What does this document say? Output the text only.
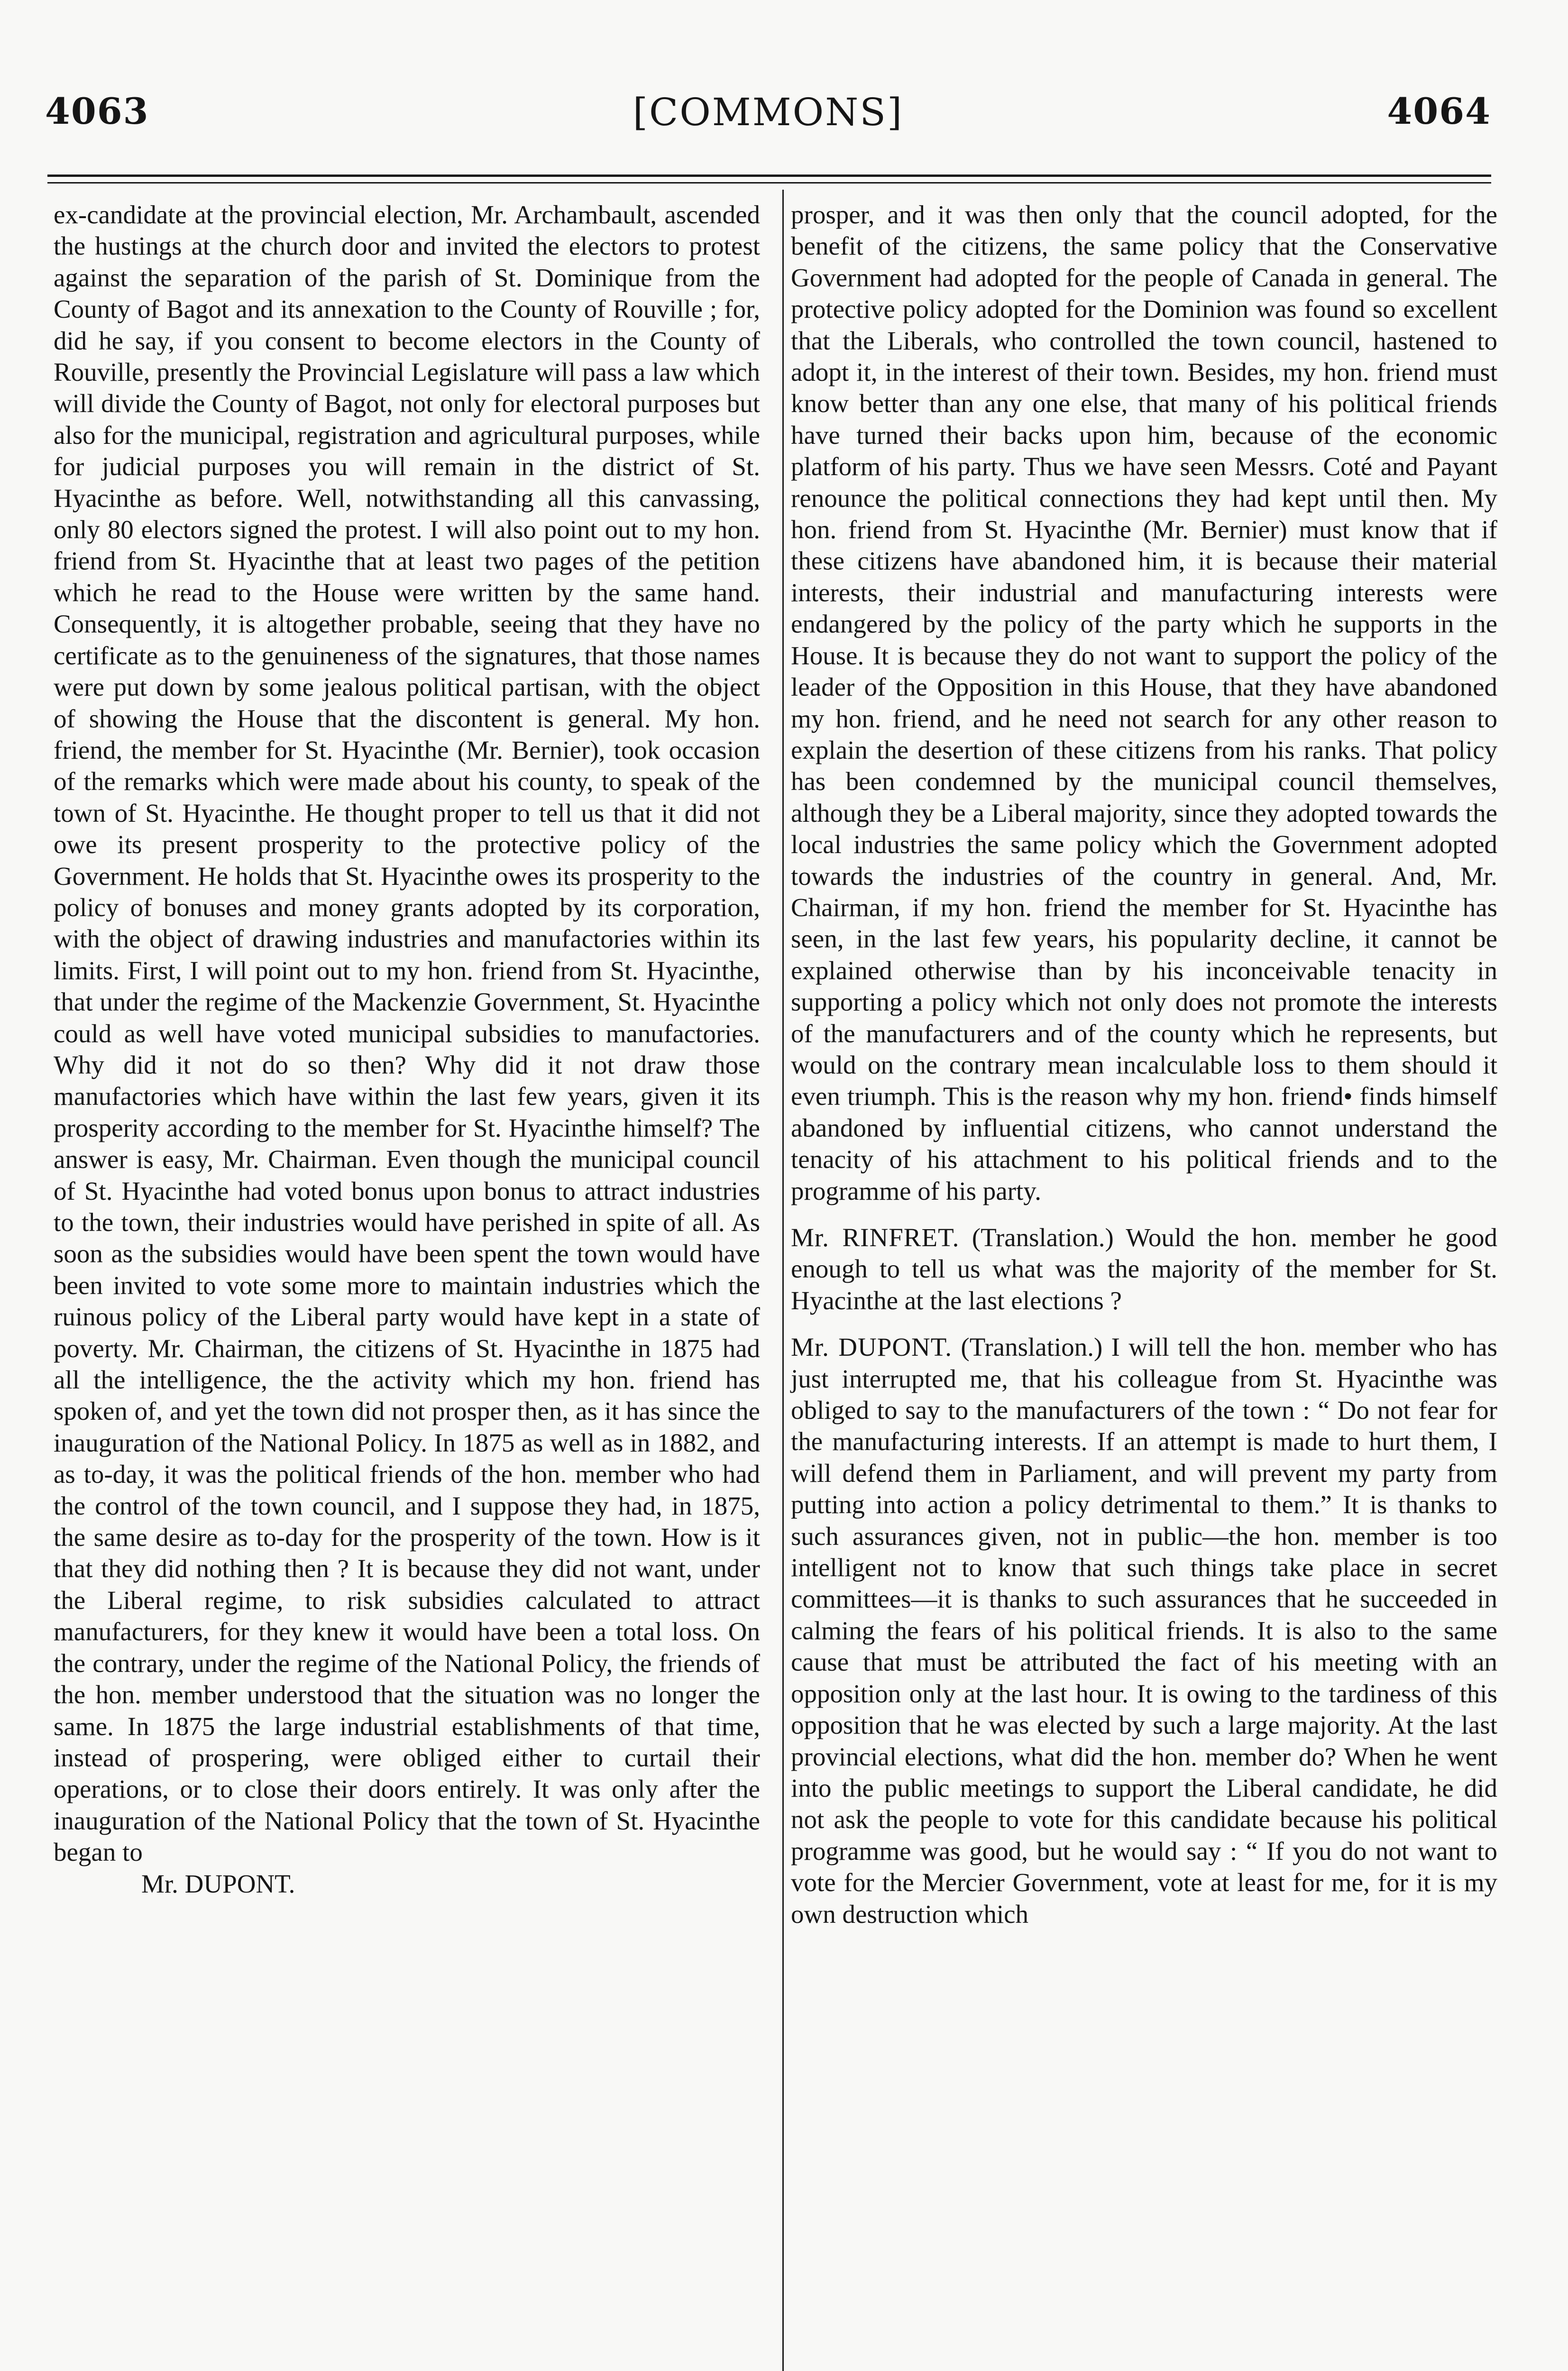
4063	[COMMONS]	4064

ex-candidate at the provincial election, Mr. Archambault, ascended the hustings at the church door and invited the electors to protest against the separation of the parish of St. Dominique from the County of Bagot and its annexation to the County of Rouville ; for, did he say, if you consent to become electors in the County of Rouville, presently the Provincial Legislature will pass a law which will divide the County of Bagot, not only for electoral purposes but also for the municipal, registration and agricultural purposes, while for judicial purposes you will remain in the district of St. Hyacinthe as before. Well, notwithstanding all this canvassing, only 80 electors signed the protest. I will also point out to my hon. friend from St. Hyacinthe that at least two pages of the petition which he read to the House were written by the same hand. Consequently, it is altogether probable, seeing that they have no certificate as to the genuineness of the signatures, that those names were put down by some jealous political partisan, with the object of showing the House that the discontent is general. My hon. friend, the member for St. Hyacinthe (Mr. Bernier), took occasion of the remarks which were made about his county, to speak of the town of St. Hyacinthe. He thought proper to tell us that it did not owe its present prosperity to the protective policy of the Government. He holds that St. Hyacinthe owes its prosperity to the policy of bonuses and money grants adopted by its corporation, with the object of drawing industries and manufactories within its limits. First, I will point out to my hon. friend from St. Hyacinthe, that under the regime of the Mackenzie Government, St. Hyacinthe could as well have voted municipal subsidies to manufactories. Why did it not do so then? Why did it not draw those manufactories which have within the last few years, given it its prosperity according to the member for St. Hyacinthe himself? The answer is easy, Mr. Chairman. Even though the municipal council of St. Hyacinthe had voted bonus upon bonus to attract industries to the town, their industries would have perished in spite of all. As soon as the subsidies would have been spent the town would have been invited to vote some more to maintain industries which the ruinous policy of the Liberal party would have kept in a state of poverty. Mr. Chairman, the citizens of St. Hyacinthe in 1875 had all the intelligence, the the activity which my hon. friend has spoken of, and yet the town did not prosper then, as it has since the inauguration of the National Policy. In 1875 as well as in 1882, and as to-day, it was the political friends of the hon. member who had the control of the town council, and I suppose they had, in 1875, the same desire as to-day for the prosperity of the town. How is it that they did nothing then ? It is because they did not want, under the Liberal regime, to risk subsidies calculated to attract manufacturers, for they knew it would have been a total loss. On the contrary, under the regime of the National Policy, the friends of the hon. member understood that the situation was no longer the same. In 1875 the large industrial establishments of that time, instead of prospering, were obliged either to curtail their operations, or to close their doors entirely. It was only after the inauguration of the National Policy that the town of St. Hyacinthe began to

Mr. DUPONT.

prosper, and it was then only that the council adopted, for the benefit of the citizens, the same policy that the Conservative Government had adopted for the people of Canada in general. The protective policy adopted for the Dominion was found so excellent that the Liberals, who controlled the town council, hastened to adopt it, in the interest of their town. Besides, my hon. friend must know better than any one else, that many of his political friends have turned their backs upon him, because of the economic platform of his party. Thus we have seen Messrs. Coté and Payant renounce the political connections they had kept until then. My hon. friend from St. Hyacinthe (Mr. Bernier) must know that if these citizens have abandoned him, it is because their material interests, their industrial and manufacturing interests were endangered by the policy of the party which he supports in the House. It is because they do not want to support the policy of the leader of the Opposition in this House, that they have abandoned my hon. friend, and he need not search for any other reason to explain the desertion of these citizens from his ranks. That policy has been condemned by the municipal council themselves, although they be a Liberal majority, since they adopted towards the local industries the same policy which the Government adopted towards the industries of the country in general. And, Mr. Chairman, if my hon. friend the member for St. Hyacinthe has seen, in the last few years, his popularity decline, it cannot be explained otherwise than by his inconceivable tenacity in supporting a policy which not only does not promote the interests of the manufacturers and of the county which he represents, but would on the contrary mean incalculable loss to them should it even triumph. This is the reason why my hon. friend• finds himself abandoned by influential citizens, who cannot understand the tenacity of his attachment to his political friends and to the programme of his party.

Mr. RINFRET. (Translation.) Would the hon. member he good enough to tell us what was the majority of the member for St. Hyacinthe at the last elections ?

Mr. DUPONT. (Translation.) I will tell the hon. member who has just interrupted me, that his colleague from St. Hyacinthe was obliged to say to the manufacturers of the town : “ Do not fear for the manufacturing interests. If an attempt is made to hurt them, I will defend them in Parliament, and will prevent my party from putting into action a policy detrimental to them.” It is thanks to such assurances given, not in public—the hon. member is too intelligent not to know that such things take place in secret committees—it is thanks to such assurances that he succeeded in calming the fears of his political friends. It is also to the same cause that must be attributed the fact of his meeting with an opposition only at the last hour. It is owing to the tardiness of this opposition that he was elected by such a large majority. At the last provincial elections, what did the hon. member do? When he went into the public meetings to support the Liberal candidate, he did not ask the people to vote for this candidate because his political programme was good, but he would say : “ If you do not want to vote for the Mercier Government, vote at least for me, for it is my own destruction which
